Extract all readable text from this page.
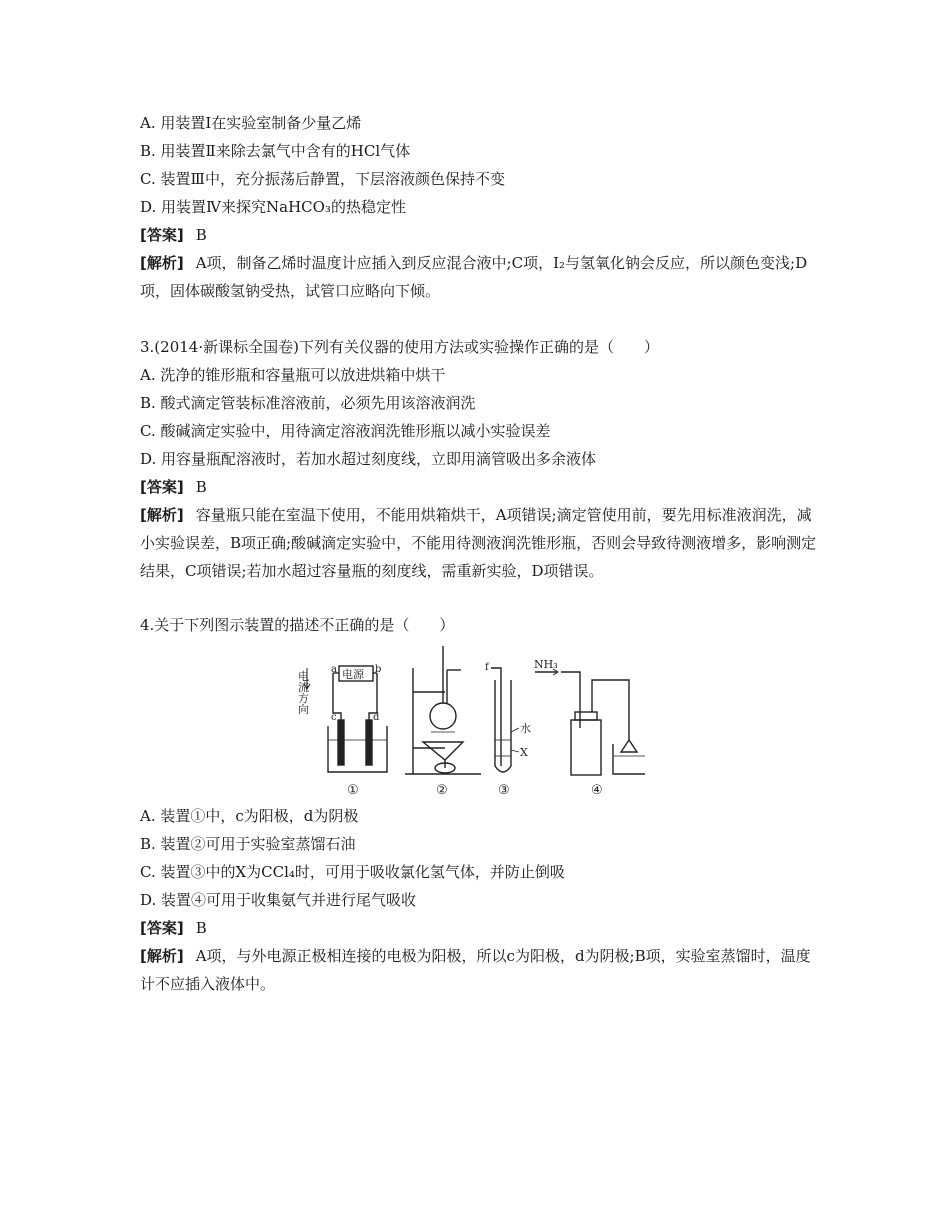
A. 用装置Ⅰ在实验室制备少量乙烯
B. 用装置Ⅱ来除去氯气中含有的HCl气体
C. 装置Ⅲ中，充分振荡后静置，下层溶液颜色保持不变
D. 用装置Ⅳ来探究NaHCO₃的热稳定性
[答案] B
[解析] A项，制备乙烯时温度计应插入到反应混合液中;C项，I₂与氢氧化钠会反应，所以颜色变浅;D项，固体碳酸氢钠受热，试管口应略向下倾。
3.(2014·新课标全国卷)下列有关仪器的使用方法或实验操作正确的是（　　）
A. 洗净的锥形瓶和容量瓶可以放进烘箱中烘干
B. 酸式滴定管装标准溶液前，必须先用该溶液润洗
C. 酸碱滴定实验中，用待滴定溶液润洗锥形瓶以减小实验误差
D. 用容量瓶配溶液时，若加水超过刻度线，立即用滴管吸出多余液体
[答案] B
[解析] 容量瓶只能在室温下使用，不能用烘箱烘干，A项错误;滴定管使用前，要先用标准液润洗，减小实验误差，B项正确;酸碱滴定实验中，不能用待测液润洗锥形瓶，否则会导致待测液增多，影响测定结果，C项错误;若加水超过容量瓶的刻度线，需重新实验，D项错误。
4.关于下列图示装置的描述不正确的是（　　）
电 流 方 向
电源
a	b
c	d
f
水
X
NH₃
①	②	③	④
A. 装置①中，c为阳极，d为阴极
B. 装置②可用于实验室蒸馏石油
C. 装置③中的X为CCl₄时，可用于吸收氯化氢气体，并防止倒吸
D. 装置④可用于收集氨气并进行尾气吸收
[答案] B
[解析] A项，与外电源正极相连接的电极为阳极，所以c为阳极，d为阴极;B项，实验室蒸馏时，温度计不应插入液体中。
